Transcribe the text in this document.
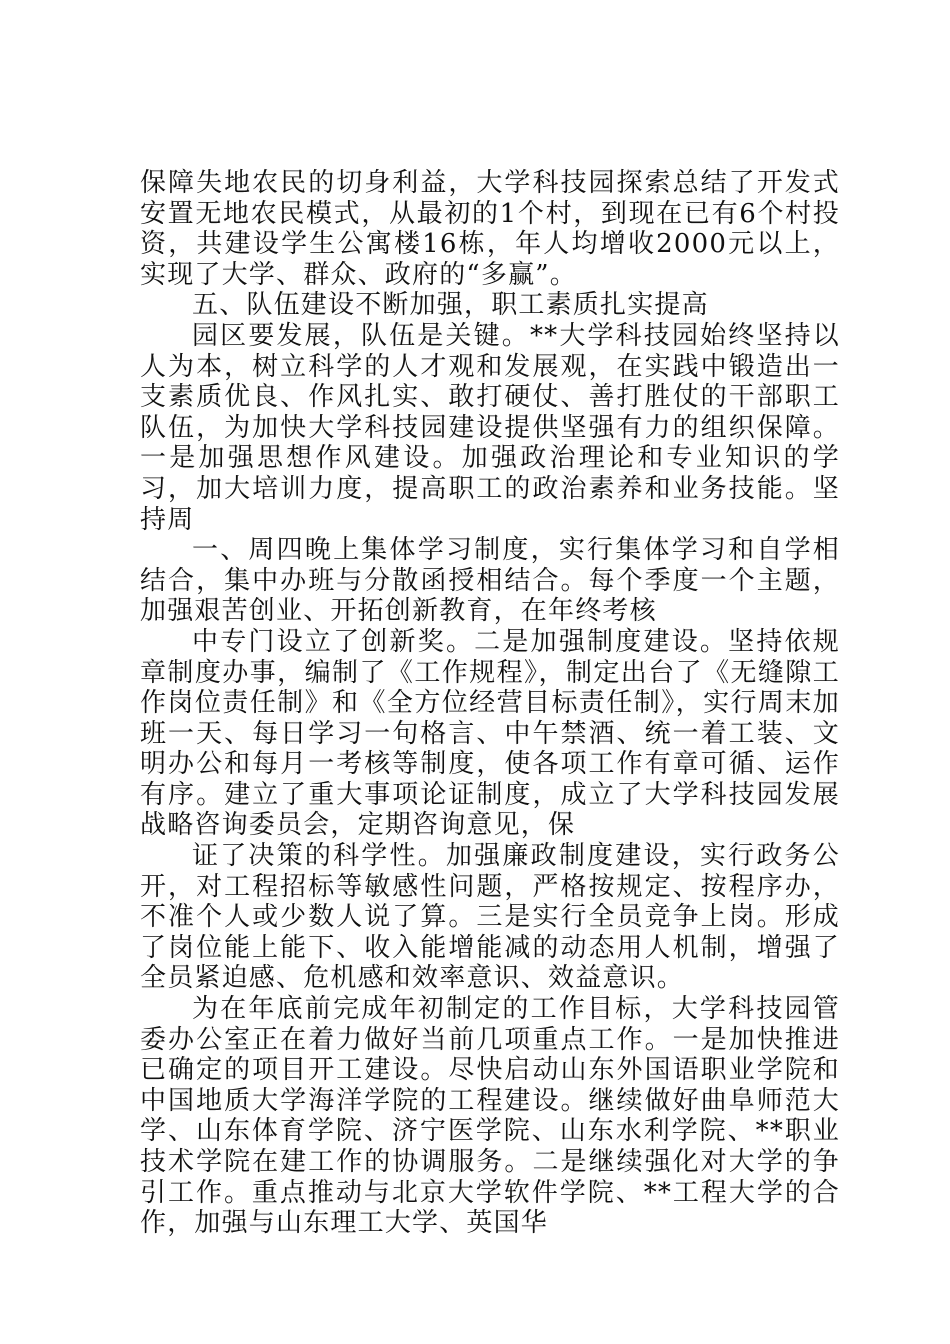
保障失地农民的切身利益，大学科技园探索总结了开发式安置无地农民模式，从最初的1个村，到现在已有6个村投资，共建设学生公寓楼16栋，年人均增收2000元以上，实现了大学、群众、政府的“多赢”。

五、队伍建设不断加强，职工素质扎实提高

园区要发展，队伍是关键。**大学科技园始终坚持以人为本，树立科学的人才观和发展观，在实践中锻造出一支素质优良、作风扎实、敢打硬仗、善打胜仗的干部职工队伍，为加快大学科技园建设提供坚强有力的组织保障。一是加强思想作风建设。加强政治理论和专业知识的学习，加大培训力度，提高职工的政治素养和业务技能。坚持周

一、周四晚上集体学习制度，实行集体学习和自学相结合，集中办班与分散函授相结合。每个季度一个主题，加强艰苦创业、开拓创新教育，在年终考核

中专门设立了创新奖。二是加强制度建设。坚持依规章制度办事，编制了《工作规程》，制定出台了《无缝隙工作岗位责任制》和《全方位经营目标责任制》，实行周末加班一天、每日学习一句格言、中午禁酒、统一着工装、文明办公和每月一考核等制度，使各项工作有章可循、运作有序。建立了重大事项论证制度，成立了大学科技园发展战略咨询委员会，定期咨询意见，保

证了决策的科学性。加强廉政制度建设，实行政务公开，对工程招标等敏感性问题，严格按规定、按程序办，不准个人或少数人说了算。三是实行全员竞争上岗。形成了岗位能上能下、收入能增能减的动态用人机制，增强了全员紧迫感、危机感和效率意识、效益意识。

为在年底前完成年初制定的工作目标，大学科技园管委办公室正在着力做好当前几项重点工作。一是加快推进已确定的项目开工建设。尽快启动山东外国语职业学院和中国地质大学海洋学院的工程建设。继续做好曲阜师范大学、山东体育学院、济宁医学院、山东水利学院、**职业技术学院在建工作的协调服务。二是继续强化对大学的争引工作。重点推动与北京大学软件学院、**工程大学的合作，加强与山东理工大学、英国华
